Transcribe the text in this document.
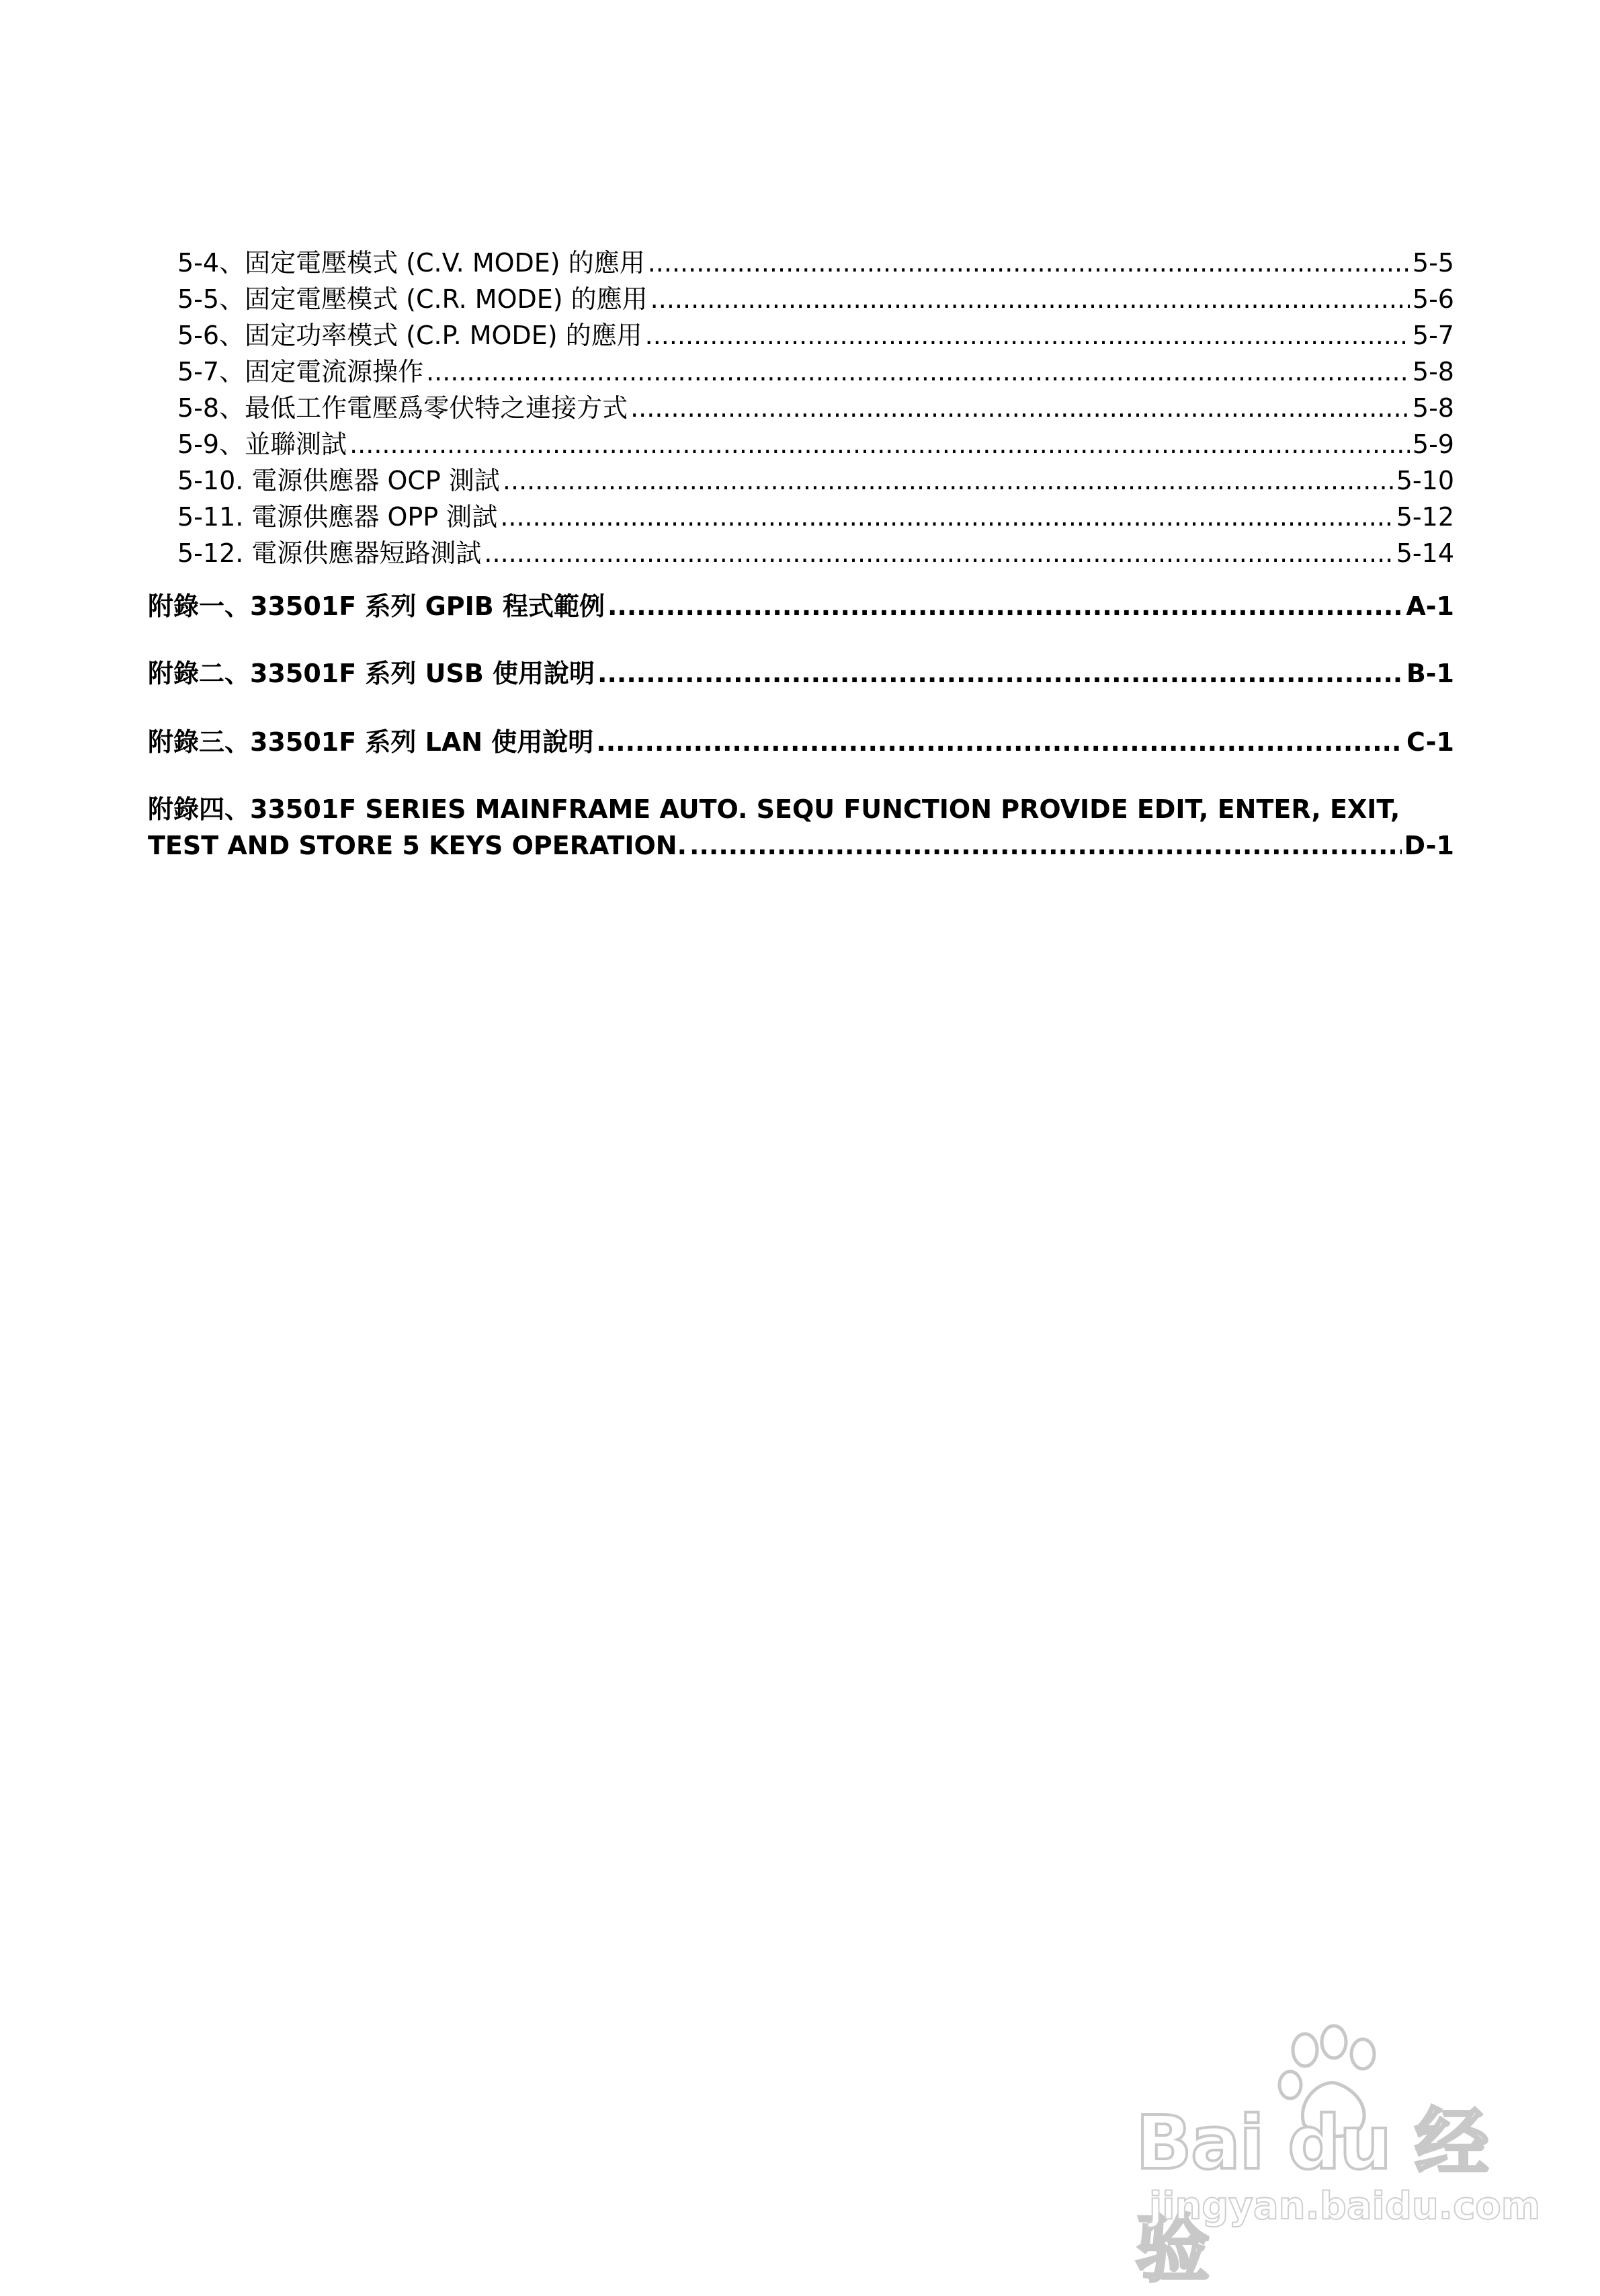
5-4、固定電壓模式 (C.V. MODE) 的應用 .....	5-5
5-5、固定電壓模式 (C.R. MODE) 的應用 .....	5-6
5-6、固定功率模式 (C.P. MODE) 的應用 .....	5-7
5-7、固定電流源操作 .....	5-8
5-8、最低工作電壓爲零伏特之連接方式 .....	5-8
5-9、並聯測試 .....	5-9
5-10. 電源供應器 OCP 測試 .....	5-10
5-11. 電源供應器 OPP 測試 .....	5-12
5-12. 電源供應器短路測試 .....	5-14
附錄一、33501F 系列 GPIB 程式範例 .....	A-1
附錄二、33501F 系列 USB 使用說明 .....	B-1
附錄三、33501F 系列 LAN 使用說明 .....	C-1
附錄四、33501F SERIES MAINFRAME AUTO. SEQU FUNCTION PROVIDE EDIT, ENTER, EXIT,
TEST AND STORE 5 KEYS OPERATION. .....	D-1
Bai du 经验
jingyan.baidu.com
